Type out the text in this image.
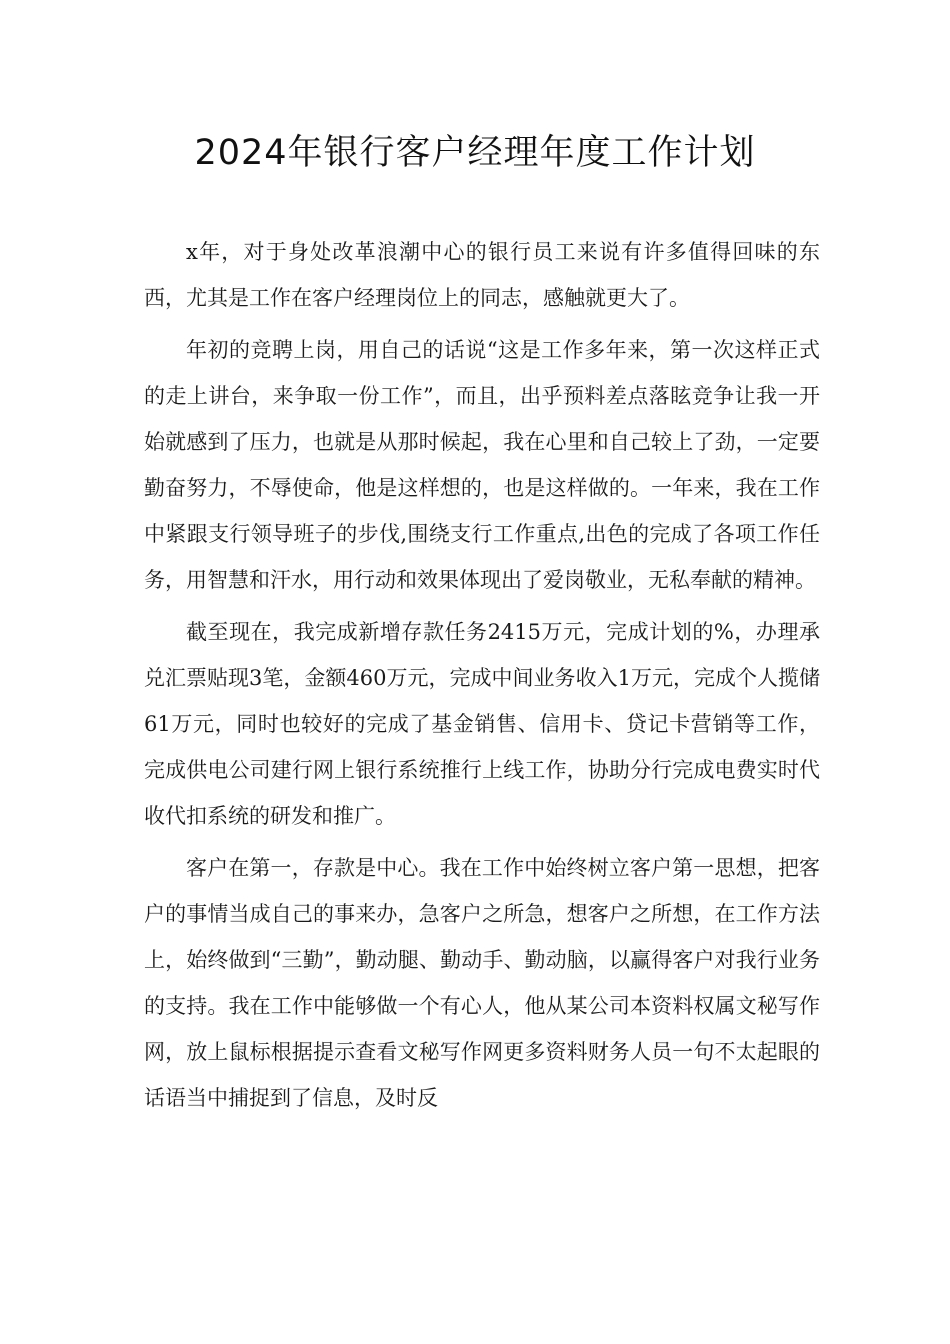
2024年银行客户经理年度工作计划

x年，对于身处改革浪潮中心的银行员工来说有许多值得回味的东西，尤其是工作在客户经理岗位上的同志，感触就更大了。

年初的竞聘上岗，用自己的话说“这是工作多年来，第一次这样正式的走上讲台，来争取一份工作”，而且，出乎预料差点落眩竞争让我一开始就感到了压力，也就是从那时候起，我在心里和自己较上了劲，一定要勤奋努力，不辱使命，他是这样想的，也是这样做的。一年来，我在工作中紧跟支行领导班子的步伐,围绕支行工作重点,出色的完成了各项工作任务，用智慧和汗水，用行动和效果体现出了爱岗敬业，无私奉献的精神。

截至现在，我完成新增存款任务2415万元，完成计划的%，办理承兑汇票贴现3笔，金额460万元，完成中间业务收入1万元，完成个人揽储61万元，同时也较好的完成了基金销售、信用卡、贷记卡营销等工作，完成供电公司建行网上银行系统推行上线工作，协助分行完成电费实时代收代扣系统的研发和推广。

客户在第一，存款是中心。我在工作中始终树立客户第一思想，把客户的事情当成自己的事来办，急客户之所急，想客户之所想，在工作方法上，始终做到“三勤”，勤动腿、勤动手、勤动脑，以赢得客户对我行业务的支持。我在工作中能够做一个有心人，他从某公司本资料权属文秘写作网，放上鼠标根据提示查看文秘写作网更多资料财务人员一句不太起眼的话语当中捕捉到了信息，及时反
